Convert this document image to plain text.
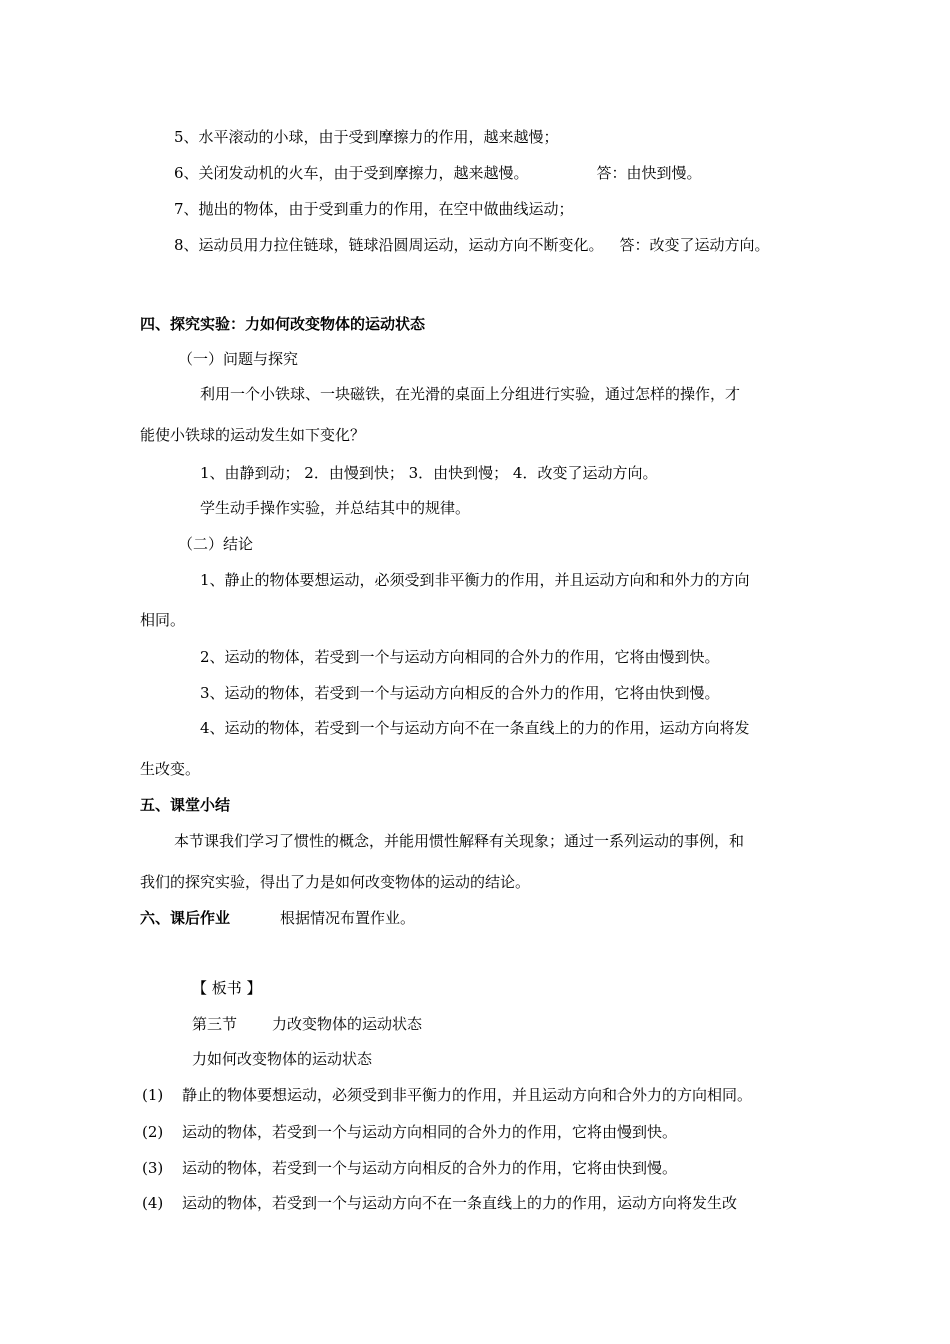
5、水平滚动的小球，由于受到摩擦力的作用，越来越慢；
6、关闭发动机的火车，由于受到摩擦力，越来越慢。	答：由快到慢。
7、抛出的物体，由于受到重力的作用，在空中做曲线运动；
8、运动员用力拉住链球，链球沿圆周运动，运动方向不断变化。 答：改变了运动方向。
四、探究实验：力如何改变物体的运动状态
（一）问题与探究
利用一个小铁球、一块磁铁，在光滑的桌面上分组进行实验，通过怎样的操作，才
能使小铁球的运动发生如下变化？
1、由静到动； 2．由慢到快； 3．由快到慢； 4．改变了运动方向。
学生动手操作实验，并总结其中的规律。
（二）结论
1、静止的物体要想运动，必须受到非平衡力的作用，并且运动方向和和外力的方向
相同。
2、运动的物体，若受到一个与运动方向相同的合外力的作用，它将由慢到快。
3、运动的物体，若受到一个与运动方向相反的合外力的作用，它将由快到慢。
4、运动的物体，若受到一个与运动方向不在一条直线上的力的作用，运动方向将发
生改变。
五、课堂小结
本节课我们学习了惯性的概念，并能用惯性解释有关现象；通过一系列运动的事例，和
我们的探究实验，得出了力是如何改变物体的运动的结论。
六、课后作业	根据情况布置作业。
【 板书 】
第三节 力改变物体的运动状态
力如何改变物体的运动状态
(1) 静止的物体要想运动，必须受到非平衡力的作用，并且运动方向和合外力的方向相同。
(2) 运动的物体，若受到一个与运动方向相同的合外力的作用，它将由慢到快。
(3) 运动的物体，若受到一个与运动方向相反的合外力的作用，它将由快到慢。
(4) 运动的物体，若受到一个与运动方向不在一条直线上的力的作用，运动方向将发生改
